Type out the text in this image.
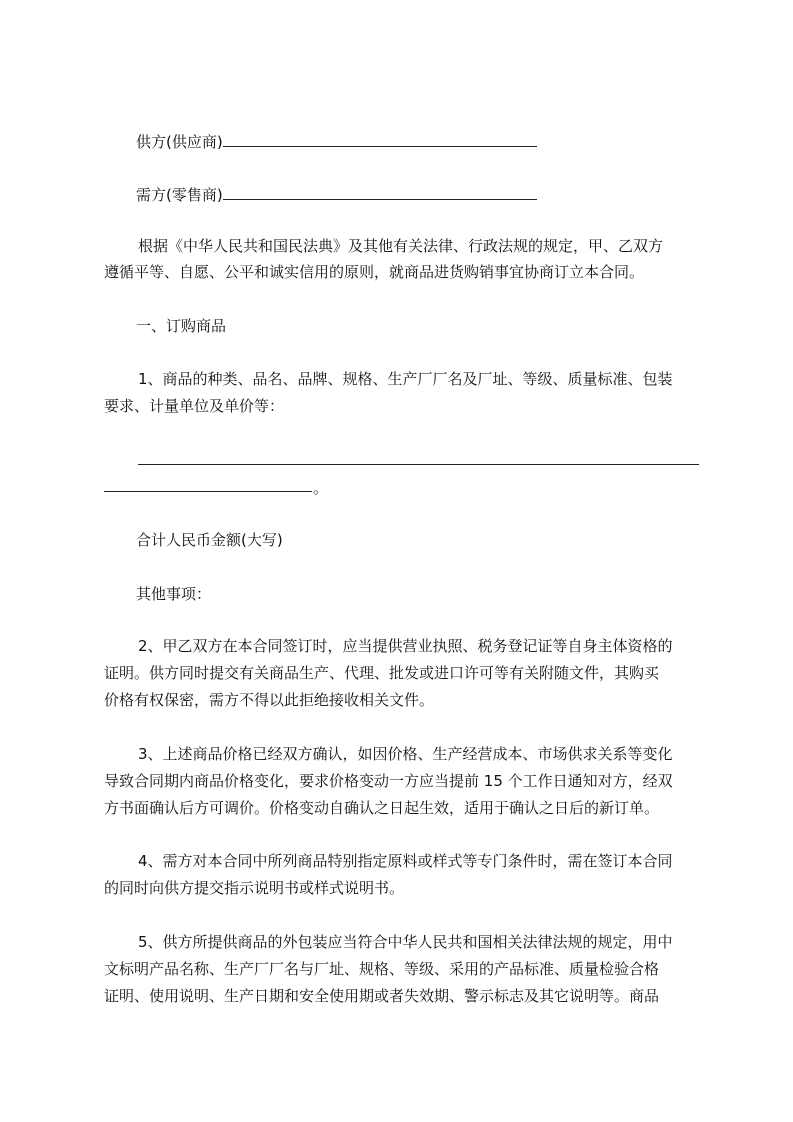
供方(供应商)
需方(零售商)
根据《中华人民共和国民法典》及其他有关法律、行政法规的规定，甲、乙双方
遵循平等、自愿、公平和诚实信用的原则，就商品进货购销事宜协商订立本合同。
一、订购商品
1、商品的种类、品名、品牌、规格、生产厂厂名及厂址、等级、质量标准、包装
要求、计量单位及单价等：
。
合计人民币金额(大写)
其他事项：
2、甲乙双方在本合同签订时，应当提供营业执照、税务登记证等自身主体资格的
证明。供方同时提交有关商品生产、代理、批发或进口许可等有关附随文件，其购买
价格有权保密，需方不得以此拒绝接收相关文件。
3、上述商品价格已经双方确认，如因价格、生产经营成本、市场供求关系等变化
导致合同期内商品价格变化，要求价格变动一方应当提前 15 个工作日通知对方，经双
方书面确认后方可调价。价格变动自确认之日起生效，适用于确认之日后的新订单。
4、需方对本合同中所列商品特别指定原料或样式等专门条件时，需在签订本合同
的同时向供方提交指示说明书或样式说明书。
5、供方所提供商品的外包装应当符合中华人民共和国相关法律法规的规定，用中
文标明产品名称、生产厂厂名与厂址、规格、等级、采用的产品标准、质量检验合格
证明、使用说明、生产日期和安全使用期或者失效期、警示标志及其它说明等。商品
